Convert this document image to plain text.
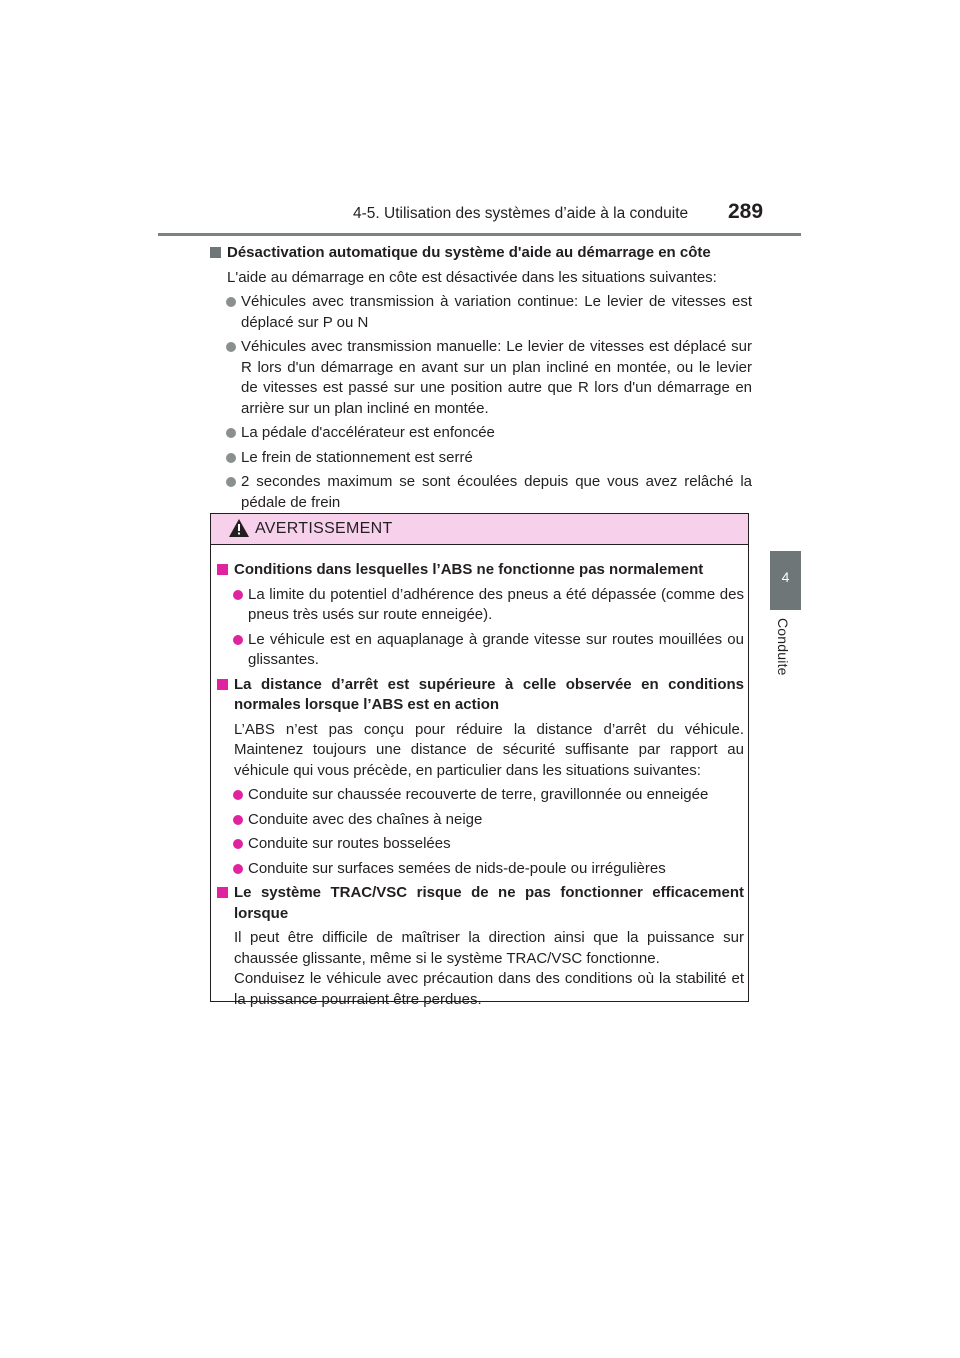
4-5. Utilisation des systèmes d’aide à la conduite 289
4
Conduite
Désactivation automatique du système d'aide au démarrage en côte
L'aide au démarrage en côte est désactivée dans les situations suivantes:
Véhicules avec transmission à variation continue: Le levier de vitesses est déplacé sur P ou N
Véhicules avec transmission manuelle: Le levier de vitesses est déplacé sur R lors d'un démarrage en avant sur un plan incliné en montée, ou le levier de vitesses est passé sur une position autre que R lors d'un démarrage en arrière sur un plan incliné en montée.
La pédale d'accélérateur est enfoncée
Le frein de stationnement est serré
2 secondes maximum se sont écoulées depuis que vous avez relâché la pédale de frein
AVERTISSEMENT
Conditions dans lesquelles l’ABS ne fonctionne pas normalement
La limite du potentiel d’adhérence des pneus a été dépassée (comme des pneus très usés sur route enneigée).
Le véhicule est en aquaplanage à grande vitesse sur routes mouillées ou glissantes.
La distance d’arrêt est supérieure à celle observée en conditions normales lorsque l’ABS est en action
L’ABS n’est pas conçu pour réduire la distance d’arrêt du véhicule. Maintenez toujours une distance de sécurité suffisante par rapport au véhicule qui vous précède, en particulier dans les situations suivantes:
Conduite sur chaussée recouverte de terre, gravillonnée ou enneigée
Conduite avec des chaînes à neige
Conduite sur routes bosselées
Conduite sur surfaces semées de nids-de-poule ou irrégulières
Le système TRAC/VSC risque de ne pas fonctionner efficacement lorsque
Il peut être difficile de maîtriser la direction ainsi que la puissance sur chaussée glissante, même si le système TRAC/VSC fonctionne.
Conduisez le véhicule avec précaution dans des conditions où la stabilité et la puissance pourraient être perdues.
